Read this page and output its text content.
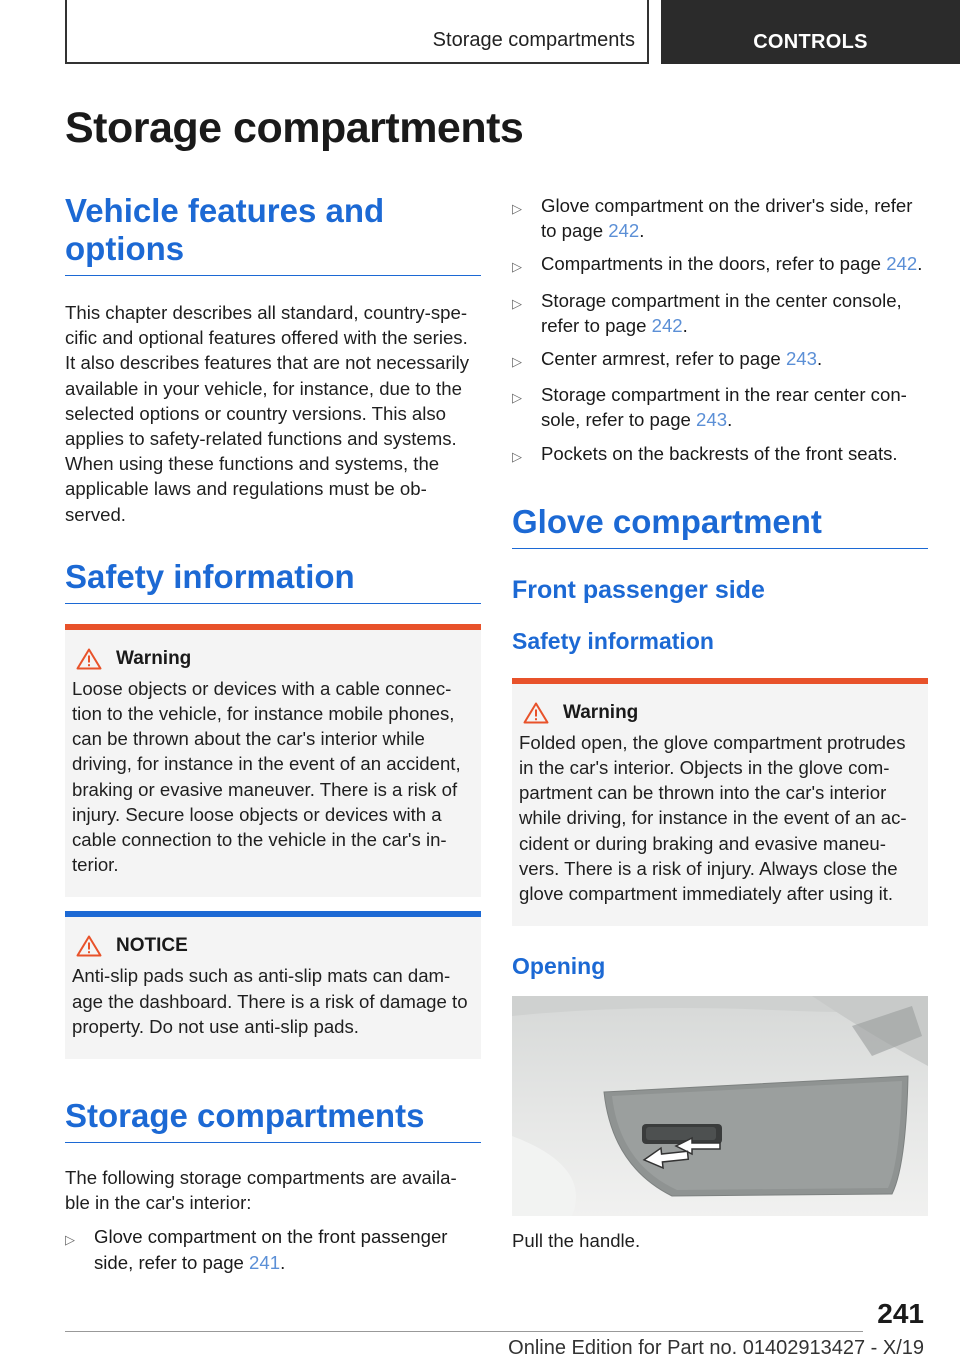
Storage compartments	CONTROLS
Storage compartments
Vehicle features and options

This chapter describes all standard, country-spe-cific and optional features offered with the series. It also describes features that are not necessarily available in your vehicle, for instance, due to the selected options or country versions. This also applies to safety-related functions and systems. When using these functions and systems, the applicable laws and regulations must be ob-served.

Safety information
Warning

Loose objects or devices with a cable connec-tion to the vehicle, for instance mobile phones, can be thrown about the car's interior while driving, for instance in the event of an accident, braking or evasive maneuver. There is a risk of injury. Secure loose objects or devices with a cable connection to the vehicle in the car's in-terior.

NOTICE

Anti-slip pads such as anti-slip mats can dam-age the dashboard. There is a risk of damage to property. Do not use anti-slip pads.

Storage compartments

The following storage compartments are availa-ble in the car's interior:

▷	Glove compartment on the front passenger side, refer to page 241.
▷	Glove compartment on the driver's side, refer to page 242.
▷	Compartments in the doors, refer to page 242.
▷	Storage compartment in the center console, refer to page 242.
▷	Center armrest, refer to page 243.
▷	Storage compartment in the rear center con-sole, refer to page 243.
▷	Pockets on the backrests of the front seats.
Glove compartment
Front passenger side
Safety information
Warning

Folded open, the glove compartment protrudes in the car's interior. Objects in the glove com-partment can be thrown into the car's interior while driving, for instance in the event of an ac-cident or during braking and evasive maneu-vers. There is a risk of injury. Always close the glove compartment immediately after using it.

Opening

Pull the handle.

241
Online Edition for Part no. 01402913427 - X/19
